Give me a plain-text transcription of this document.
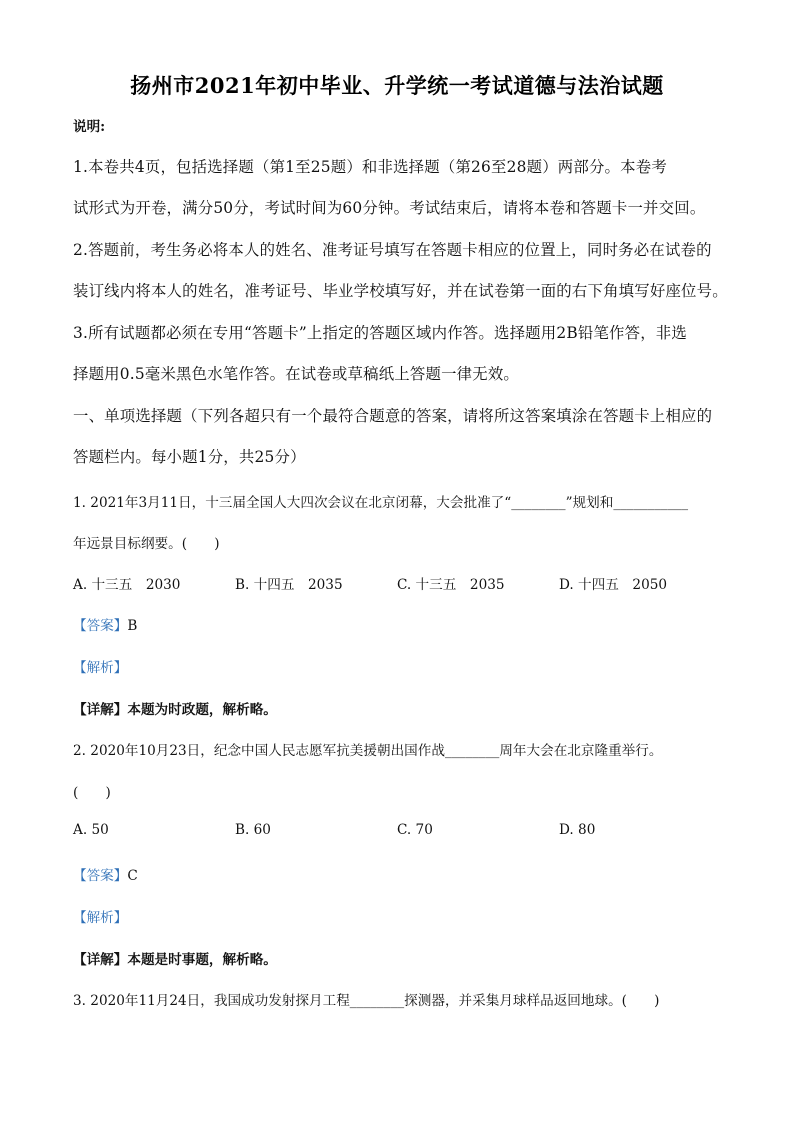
扬州市2021年初中毕业、升学统一考试道德与法治试题
说明:
1.本卷共4页，包括选择题（第1至25题）和非选择题（第26至28题）两部分。本卷考
试形式为开卷，满分50分，考试时间为60分钟。考试结束后，请将本卷和答题卡一并交回。
2.答题前，考生务必将本人的姓名、准考证号填写在答题卡相应的位置上，同时务必在试卷的
装订线内将本人的姓名，准考证号、毕业学校填写好，并在试卷第一面的右下角填写好座位号。
3.所有试题都必须在专用“答题卡”上指定的答题区域内作答。选择题用2B铅笔作答，非选
择题用0.5毫米黑色水笔作答。在试卷或草稿纸上答题一律无效。
一、单项选择题（下列各超只有一个最符合题意的答案，请将所这答案填涂在答题卡上相应的
答题栏内。每小题1分，共25分）
1. 2021年3月11日，十三届全国人大四次会议在北京闭幕，大会批准了“________”规划和___________
年远景目标纲要。(　　)
A. 十三五　2030	B. 十四五　2035	C. 十三五　2035	D. 十四五　2050
【答案】B
【解析】
【详解】本题为时政题，解析略。
2. 2020年10月23日，纪念中国人民志愿军抗美援朝出国作战________周年大会在北京隆重举行。
(　　)
A. 50	B. 60	C. 70	D. 80
【答案】C
【解析】
【详解】本题是时事题，解析略。
3. 2020年11月24日，我国成功发射探月工程________探测器，并采集月球样品返回地球。(　　)
